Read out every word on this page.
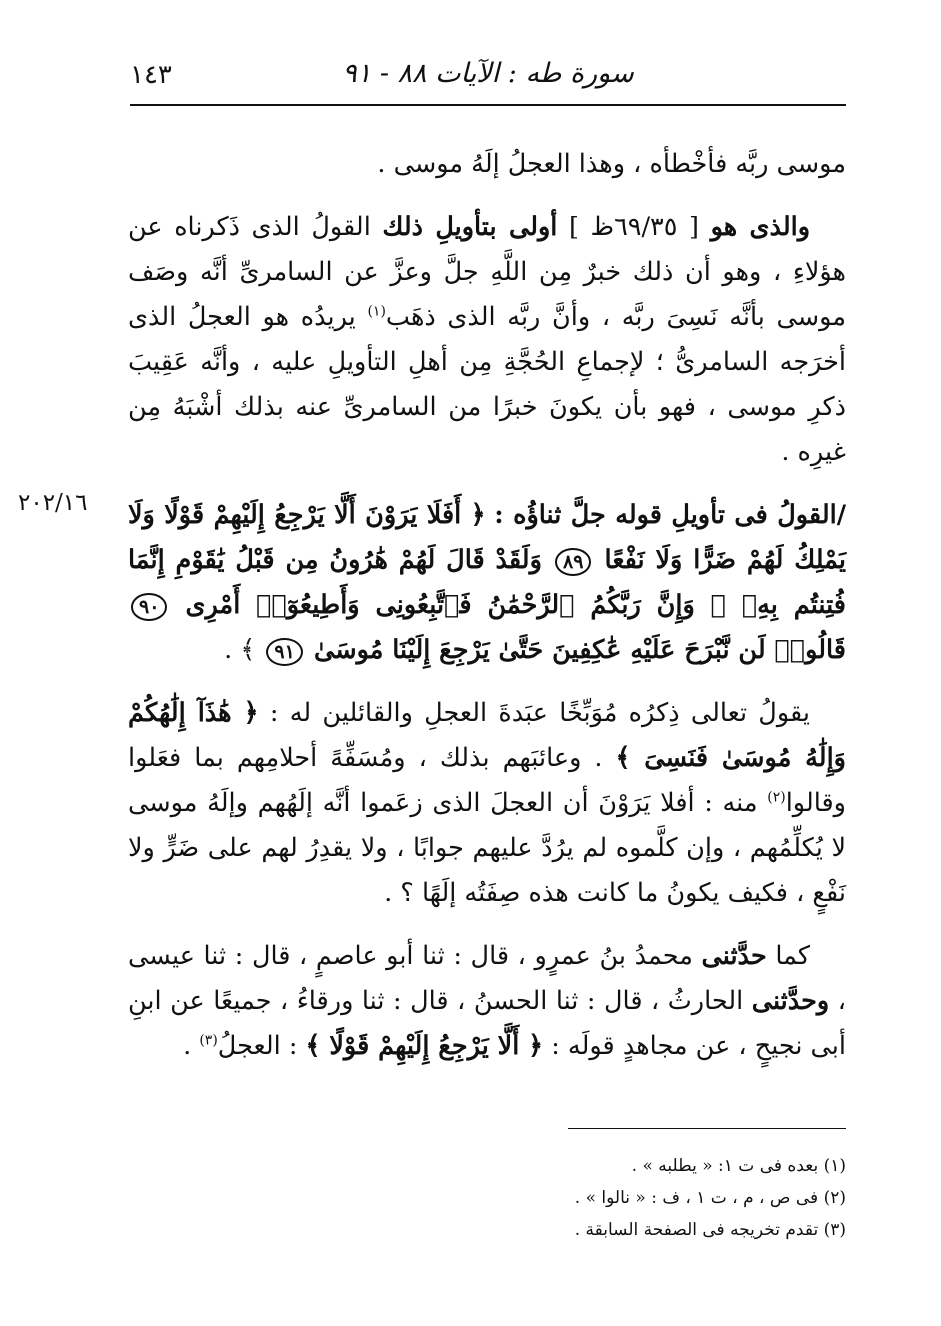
سورة طه : الآيات ٨٨ - ٩١
١٤٣
٢٠٢/١٦

موسى ربَّه فأخْطأه ، وهذا العجلُ إلَهُ موسى .

والذى هو [ ٦٩/٣٥ظ ] أولى بتأويلِ ذلك القولُ الذى ذَكرناه عن هؤلاءِ ، وهو أن ذلك خبرٌ مِن اللَّهِ جلَّ وعزَّ عن السامرىِّ أنَّه وصَف موسى بأنَّه نَسِىَ ربَّه ، وأنَّ ربَّه الذى ذهَب$^{(١)}$ يريدُه هو العجلُ الذى أخرَجه السامرىُّ ؛ لإجماعِ الحُجَّةِ مِن أهلِ التأويلِ عليه ، وأنَّه عَقِيبَ ذكرِ موسى ، فهو بأن يكونَ خبرًا من السامرىِّ عنه بذلك أشْبَهُ مِن غيرِه .

/القولُ فى تأويلِ قوله جلَّ ثناؤُه : ﴿ أَفَلَا يَرَوْنَ أَلَّا يَرْجِعُ إِلَيْهِمْ قَوْلًا وَلَا يَمْلِكُ لَهُمْ ضَرًّا وَلَا نَفْعًا ٨٩ وَلَقَدْ قَالَ لَهُمْ هَٰرُونُ مِن قَبْلُ يَٰقَوْمِ إِنَّمَا فُتِنتُم بِهِۦ ۖ وَإِنَّ رَبَّكُمُ ٱلرَّحْمَٰنُ فَٱتَّبِعُونِى وَأَطِيعُوٓا۟ أَمْرِى ٩٠ قَالُوا۟ لَن نَّبْرَحَ عَلَيْهِ عَٰكِفِينَ حَتَّىٰ يَرْجِعَ إِلَيْنَا مُوسَىٰ ٩١ ﴾ .

يقولُ تعالى ذِكرُه مُوَبِّخًا عبَدةَ العجلِ والقائلين له : ﴿ هَٰذَآ إِلَٰهُكُمْ وَإِلَٰهُ مُوسَىٰ فَنَسِىَ ﴾ . وعائبَهم بذلك ، ومُسَفِّهً أحلامِهم بما فعَلوا وقالوا$^{(٢)}$ منه : أفلا يَرَوْنَ أن العجلَ الذى زعَموا أنَّه إلَهُهم وإلَهُ موسى لا يُكلِّمُهم ، وإن كلَّموه لم يرُدَّ عليهم جوابًا ، ولا يقدِرُ لهم على ضَرٍّ ولا نَفْعٍ ، فكيف يكونُ ما كانت هذه صِفَتُه إلَهًا ؟ .

كما حدَّثنى محمدُ بنُ عمرٍو ، قال : ثنا أبو عاصمٍ ، قال : ثنا عيسى ، وحدَّثنى الحارثُ ، قال : ثنا الحسنُ ، قال : ثنا ورقاءُ ، جميعًا عن ابنِ أبى نجيحٍ ، عن مجاهدٍ قولَه : ﴿ أَلَّا يَرْجِعُ إِلَيْهِمْ قَوْلًا ﴾ : العجلُ$^{(٣)}$ .

(١) بعده فى ت ١: « يطلبه » .

(٢) فى ص ، م ، ت ١ ، ف : « نالوا » .

(٣) تقدم تخريجه فى الصفحة السابقة .
